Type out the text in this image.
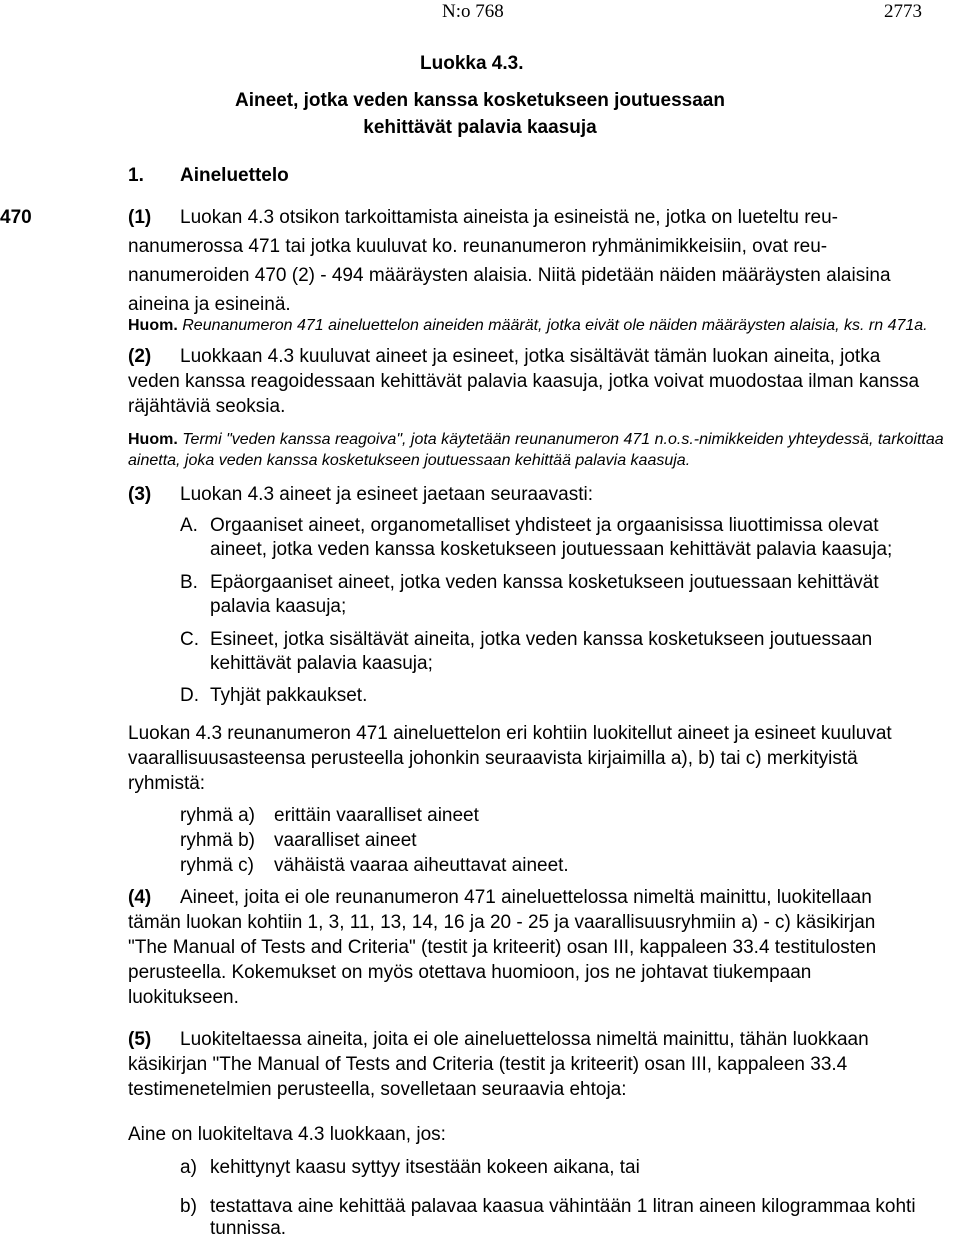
N:o 768	2773
Luokka 4.3.
Aineet, jotka veden kanssa kosketukseen joutuessaan
kehittävät palavia kaasuja
1. Aineluettelo
470	(1) Luokan 4.3 otsikon tarkoittamista aineista ja esineistä ne, jotka on lueteltu reu-
nanumerossa 471 tai jotka kuuluvat ko. reunanumeron ryhmänimikkeisiin, ovat reu-
nanumeroiden 470 (2) - 494 määräysten alaisia. Niitä pidetään näiden määräysten alaisina
aineina ja esineinä.
Huom. Reunanumeron 471 aineluettelon aineiden määrät, jotka eivät ole näiden määräysten alaisia, ks. rn 471a.
(2) Luokkaan 4.3 kuuluvat aineet ja esineet, jotka sisältävät tämän luokan aineita, jotka
veden kanssa reagoidessaan kehittävät palavia kaasuja, jotka voivat muodostaa ilman kanssa
räjähtäviä seoksia.
Huom. Termi "veden kanssa reagoiva", jota käytetään reunanumeron 471 n.o.s.-nimikkeiden yhteydessä, tarkoittaa
ainetta, joka veden kanssa kosketukseen joutuessaan kehittää palavia kaasuja.
(3) Luokan 4.3 aineet ja esineet jaetaan seuraavasti:
A. Orgaaniset aineet, organometalliset yhdisteet ja orgaanisissa liuottimissa olevat
aineet, jotka veden kanssa kosketukseen joutuessaan kehittävät palavia kaasuja;
B. Epäorgaaniset aineet, jotka veden kanssa kosketukseen joutuessaan kehittävät
palavia kaasuja;
C. Esineet, jotka sisältävät aineita, jotka veden kanssa kosketukseen joutuessaan
kehittävät palavia kaasuja;
D. Tyhjät pakkaukset.
Luokan 4.3 reunanumeron 471 aineluettelon eri kohtiin luokitellut aineet ja esineet kuuluvat
vaarallisuusasteensa perusteella johonkin seuraavista kirjaimilla a), b) tai c) merkityistä
ryhmistä:
ryhmä a) erittäin vaaralliset aineet
ryhmä b) vaaralliset aineet
ryhmä c) vähäistä vaaraa aiheuttavat aineet.
(4) Aineet, joita ei ole reunanumeron 471 aineluettelossa nimeltä mainittu, luokitellaan
tämän luokan kohtiin 1, 3, 11, 13, 14, 16 ja 20 - 25 ja vaarallisuusryhmiin a) - c) käsikirjan
"The Manual of Tests and Criteria" (testit ja kriteerit) osan III, kappaleen 33.4 testitulosten
perusteella. Kokemukset on myös otettava huomioon, jos ne johtavat tiukempaan
luokitukseen.
(5) Luokiteltaessa aineita, joita ei ole aineluettelossa nimeltä mainittu, tähän luokkaan
käsikirjan "The Manual of Tests and Criteria (testit ja kriteerit) osan III, kappaleen 33.4
testimenetelmien perusteella, sovelletaan seuraavia ehtoja:
Aine on luokiteltava 4.3 luokkaan, jos:
a) kehittynyt kaasu syttyy itsestään kokeen aikana, tai
b) testattava aine kehittää palavaa kaasua vähintään 1 litran aineen kilogrammaa kohti
tunnissa.
